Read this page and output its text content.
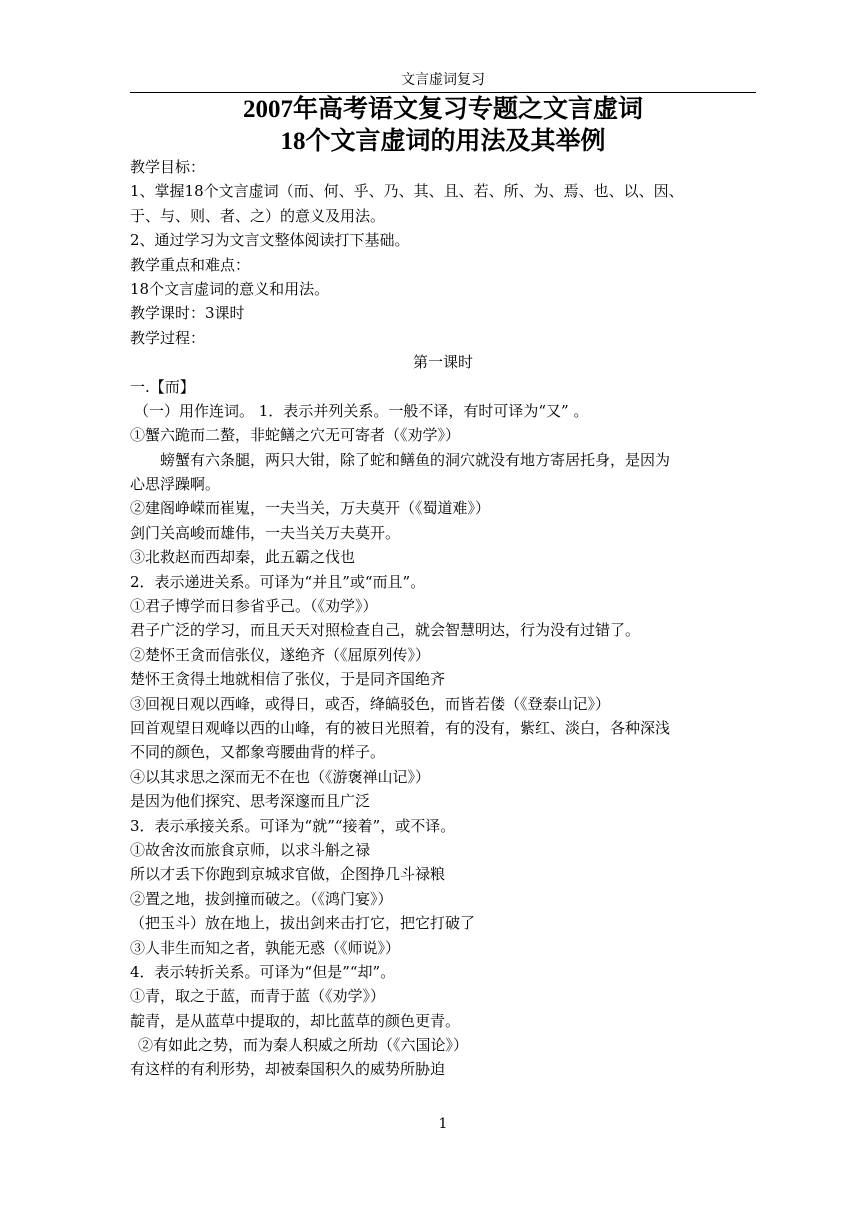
文言虚词复习
2007年高考语文复习专题之文言虚词
18个文言虚词的用法及其举例
教学目标：
1、掌握18个文言虚词（而、何、乎、乃、其、且、若、所、为、焉、也、以、因、
于、与、则、者、之）的意义及用法。
2、通过学习为文言文整体阅读打下基础。
教学重点和难点：
18个文言虚词的意义和用法。
教学课时：3课时
教学过程：
第一课时
一.【而】
（一）用作连词。 1．表示并列关系。一般不译，有时可译为“又” 。
①蟹六跪而二螯，非蛇鳝之穴无可寄者（《劝学》）
螃蟹有六条腿，两只大钳，除了蛇和鳝鱼的洞穴就没有地方寄居托身，是因为
心思浮躁啊。
②建阁峥嵘而崔嵬，一夫当关，万夫莫开（《蜀道难》）
剑门关高峻而雄伟，一夫当关万夫莫开。
③北救赵而西却秦，此五霸之伐也
2．表示递进关系。可译为“并且”或“而且”。
①君子博学而日参省乎己。（《劝学》）
君子广泛的学习，而且天天对照检查自己，就会智慧明达，行为没有过错了。
②楚怀王贪而信张仪，遂绝齐（《屈原列传》）
楚怀王贪得土地就相信了张仪，于是同齐国绝齐
③回视日观以西峰，或得日，或否，绛皜驳色，而皆若偻（《登泰山记》）
回首观望日观峰以西的山峰，有的被日光照着，有的没有，紫红、淡白，各种深浅
不同的颜色，又都象弯腰曲背的样子。
④以其求思之深而无不在也（《游褒禅山记》）
是因为他们探究、思考深邃而且广泛
3．表示承接关系。可译为“就”“接着”，或不译。
①故舍汝而旅食京师，以求斗斛之禄
所以才丢下你跑到京城求官做，企图挣几斗禄粮
②置之地，拔剑撞而破之。（《鸿门宴》）
（把玉斗）放在地上，拔出剑来击打它，把它打破了
③人非生而知之者，孰能无惑（《师说》）
4．表示转折关系。可译为“但是”“却”。
①青，取之于蓝，而青于蓝（《劝学》）
靛青，是从蓝草中提取的，却比蓝草的颜色更青。
②有如此之势，而为秦人积威之所劫（《六国论》）
有这样的有利形势，却被秦国积久的威势所胁迫
1
